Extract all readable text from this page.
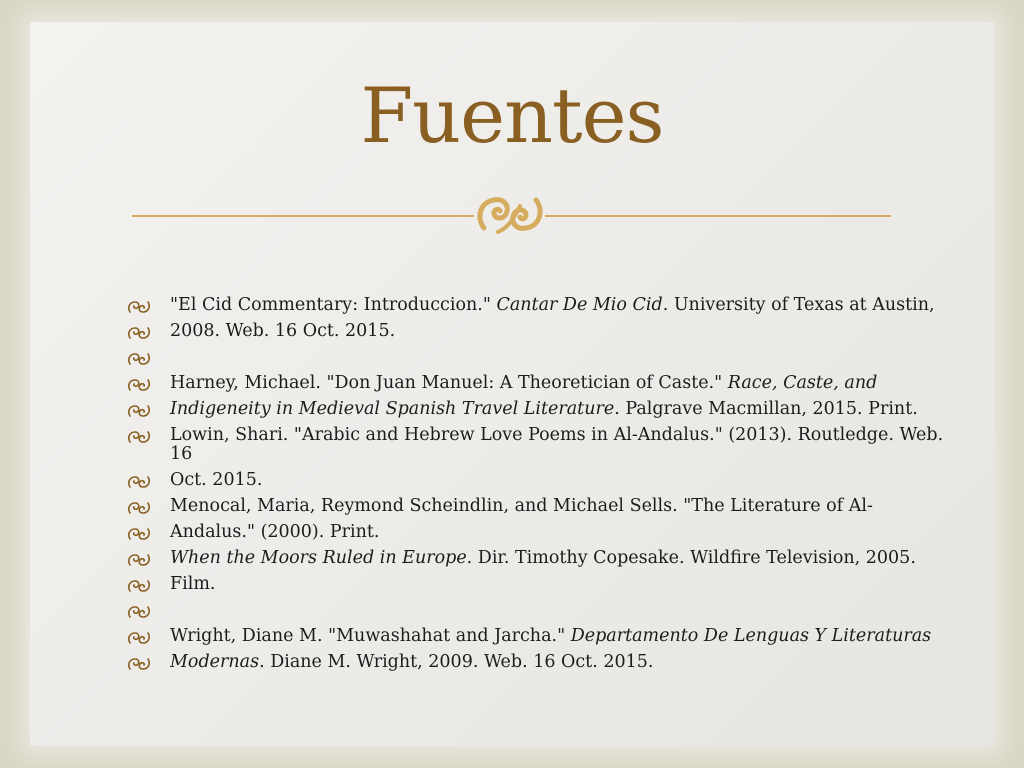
Fuentes
"El Cid Commentary: Introduccion." Cantar De Mio Cid. University of Texas at Austin,
2008. Web. 16 Oct. 2015.
Harney, Michael. "Don Juan Manuel: A Theoretician of Caste." Race, Caste, and
Indigeneity in Medieval Spanish Travel Literature. Palgrave Macmillan, 2015. Print.
Lowin, Shari. "Arabic and Hebrew Love Poems in Al-Andalus." (2013). Routledge. Web. 16
Oct. 2015.
Menocal, Maria, Reymond Scheindlin, and Michael Sells. "The Literature of Al-
Andalus." (2000). Print.
When the Moors Ruled in Europe. Dir. Timothy Copesake. Wildfire Television, 2005.
Film.
Wright, Diane M. "Muwashahat and Jarcha." Departamento De Lenguas Y Literaturas
Modernas. Diane M. Wright, 2009. Web. 16 Oct. 2015.
